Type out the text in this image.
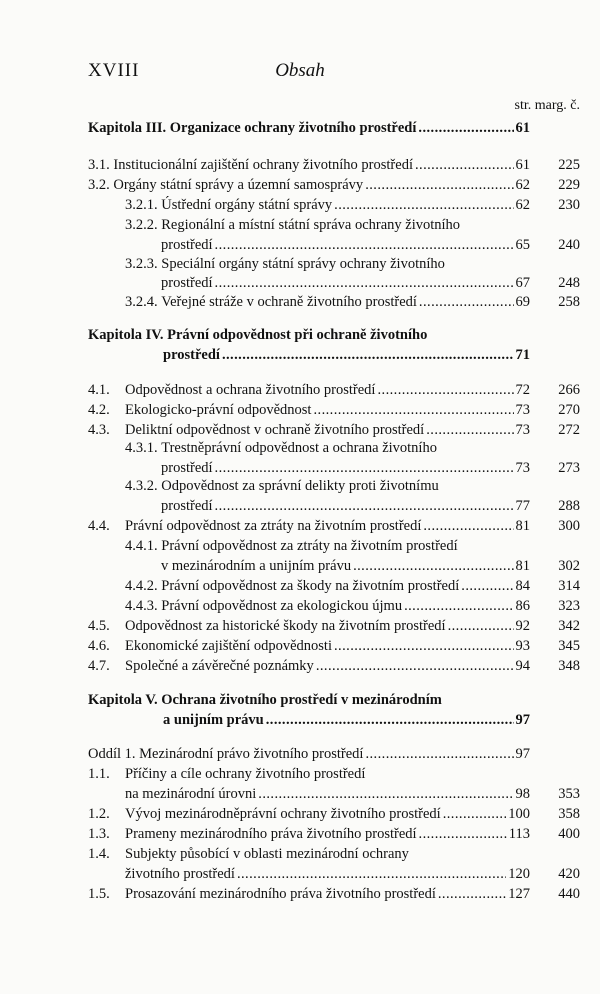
XVIII	Obsah
str. marg. č.
Kapitola III. Organizace ochrany životního prostředí . . .	61
3.1. Institucionální zajištění ochrany životního prostředí . . .	61	225
3.2. Orgány státní správy a územní samosprávy . . .	62	229
3.2.1. Ústřední orgány státní správy . . .	62	230
3.2.2. Regionální a místní státní správa ochrany životního
prostředí . . .	65	240
3.2.3. Speciální orgány státní správy ochrany životního
prostředí . . .	67	248
3.2.4. Veřejné stráže v ochraně životního prostředí . . .	69	258
Kapitola IV. Právní odpovědnost při ochraně životního
prostředí . . .	71
4.1.	Odpovědnost a ochrana životního prostředí . . .	72	266
4.2.	Ekologicko-právní odpovědnost . . .	73	270
4.3.	Deliktní odpovědnost v ochraně životního prostředí . . .	73	272
4.3.1. Trestněprávní odpovědnost a ochrana životního
prostředí . . .	73	273
4.3.2. Odpovědnost za správní delikty proti životnímu
prostředí . . .	77	288
4.4.	Právní odpovědnost za ztráty na životním prostředí . . .	81	300
4.4.1. Právní odpovědnost za ztráty na životním prostředí
v mezinárodním a unijním právu . . .	81	302
4.4.2. Právní odpovědnost za škody na životním prostředí . . .	84	314
4.4.3. Právní odpovědnost za ekologickou újmu . . .	86	323
4.5.	Odpovědnost za historické škody na životním prostředí . . .	92	342
4.6.	Ekonomické zajištění odpovědnosti . . .	93	345
4.7.	Společné a závěrečné poznámky . . .	94	348
Kapitola V. Ochrana životního prostředí v mezinárodním
a unijním právu . . .	97
Oddíl 1. Mezinárodní právo životního prostředí . . .	97
1.1.	Příčiny a cíle ochrany životního prostředí
na mezinárodní úrovni . . .	98	353
1.2.	Vývoj mezinárodněprávní ochrany životního prostředí . . .	100	358
1.3.	Prameny mezinárodního práva životního prostředí . . .	113	400
1.4.	Subjekty působící v oblasti mezinárodní ochrany
životního prostředí . . .	120	420
1.5.	Prosazování mezinárodního práva životního prostředí . . .	127	440
